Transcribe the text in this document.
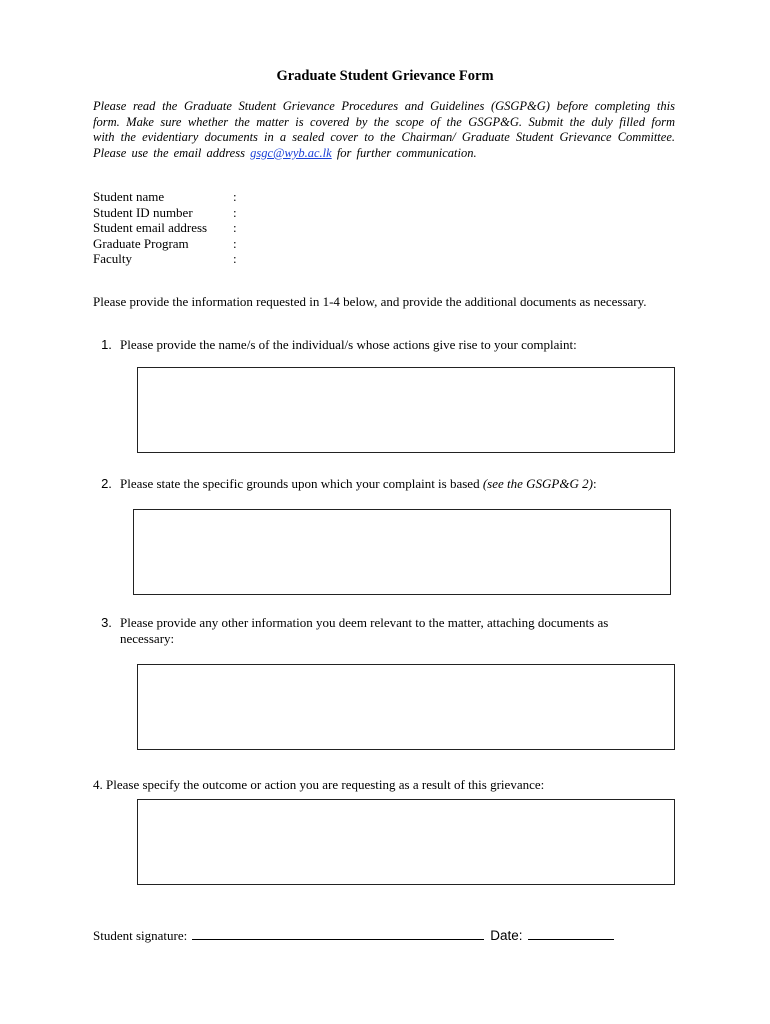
Graduate Student Grievance Form
Please read the Graduate Student Grievance Procedures and Guidelines (GSGP&G) before completing this form. Make sure whether the matter is covered by the scope of the GSGP&G. Submit the duly filled form with the evidentiary documents in a sealed cover to the Chairman/ Graduate Student Grievance Committee. Please use the email address gsgc@wyb.ac.lk for further communication.
Student name	:
Student ID number	:
Student email address	:
Graduate Program	:
Faculty	:
Please provide the information requested in 1-4 below, and provide the additional documents as necessary.
1. Please provide the name/s of the individual/s whose actions give rise to your complaint:
2. Please state the specific grounds upon which your complaint is based (see the GSGP&G 2):
3. Please provide any other information you deem relevant to the matter, attaching documents as necessary:
4. Please specify the outcome or action you are requesting as a result of this grievance:
Student signature:	Date:
